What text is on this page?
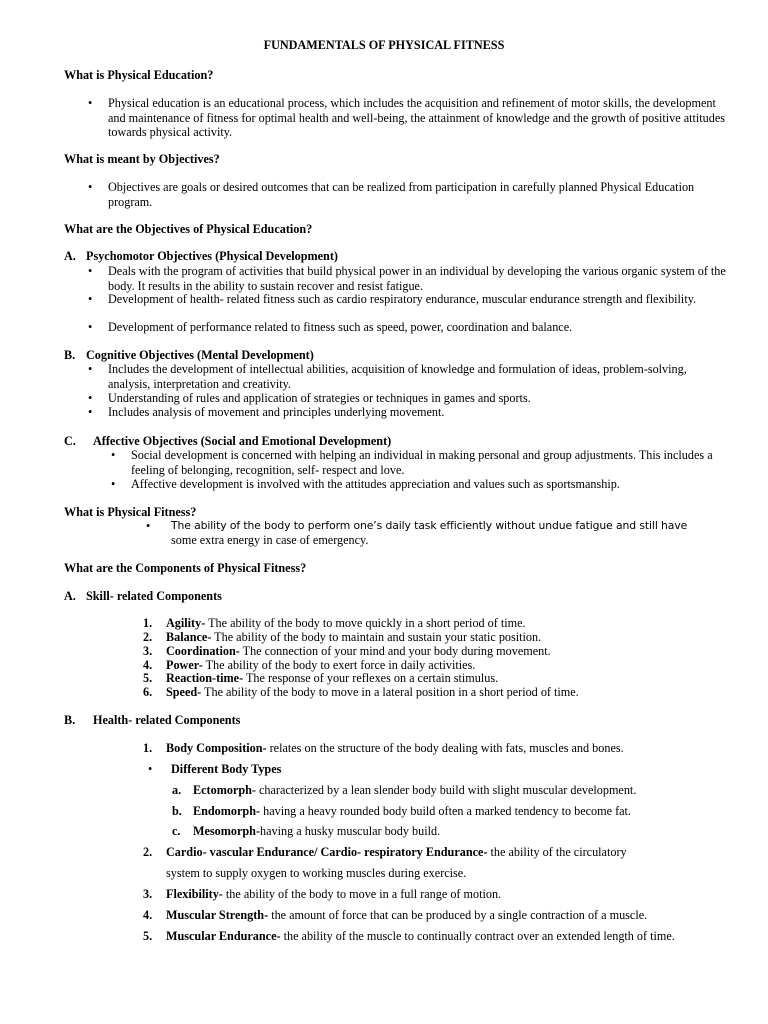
FUNDAMENTALS OF PHYSICAL FITNESS
What is Physical Education?
• Physical education is an educational process, which includes the acquisition and refinement of motor skills, the development and maintenance of fitness for optimal health and well-being, the attainment of knowledge and the growth of positive attitudes towards physical activity.
What is meant by Objectives?
• Objectives are goals or desired outcomes that can be realized from participation in carefully planned Physical Education program.
What are the Objectives of Physical Education?
A. Psychomotor Objectives (Physical Development)
• Deals with the program of activities that build physical power in an individual by developing the various organic system of the body. It results in the ability to sustain recover and resist fatigue.
• Development of health- related fitness such as cardio respiratory endurance, muscular endurance strength and flexibility.
• Development of performance related to fitness such as speed, power, coordination and balance.
B. Cognitive Objectives (Mental Development)
• Includes the development of intellectual abilities, acquisition of knowledge and formulation of ideas, problem-solving, analysis, interpretation and creativity.
• Understanding of rules and application of strategies or techniques in games and sports.
• Includes analysis of movement and principles underlying movement.
C. Affective Objectives (Social and Emotional Development)
• Social development is concerned with helping an individual in making personal and group adjustments. This includes a feeling of belonging, recognition, self- respect and love.
• Affective development is involved with the attitudes appreciation and values such as sportsmanship.
What is Physical Fitness?
• The ability of the body to perform one’s daily task efficiently without undue fatigue and still have
some extra energy in case of emergency.
What are the Components of Physical Fitness?
A. Skill- related Components
1. Agility- The ability of the body to move quickly in a short period of time.
2. Balance- The ability of the body to maintain and sustain your static position.
3. Coordination- The connection of your mind and your body during movement.
4. Power- The ability of the body to exert force in daily activities.
5. Reaction-time- The response of your reflexes on a certain stimulus.
6. Speed- The ability of the body to move in a lateral position in a short period of time.
B. Health- related Components
1. Body Composition- relates on the structure of the body dealing with fats, muscles and bones.
• Different Body Types
a. Ectomorph- characterized by a lean slender body build with slight muscular development.
b. Endomorph- having a heavy rounded body build often a marked tendency to become fat.
c. Mesomorph-having a husky muscular body build.
2. Cardio- vascular Endurance/ Cardio- respiratory Endurance- the ability of the circulatory
system to supply oxygen to working muscles during exercise.
3. Flexibility- the ability of the body to move in a full range of motion.
4. Muscular Strength- the amount of force that can be produced by a single contraction of a muscle.
5. Muscular Endurance- the ability of the muscle to continually contract over an extended length of time.
